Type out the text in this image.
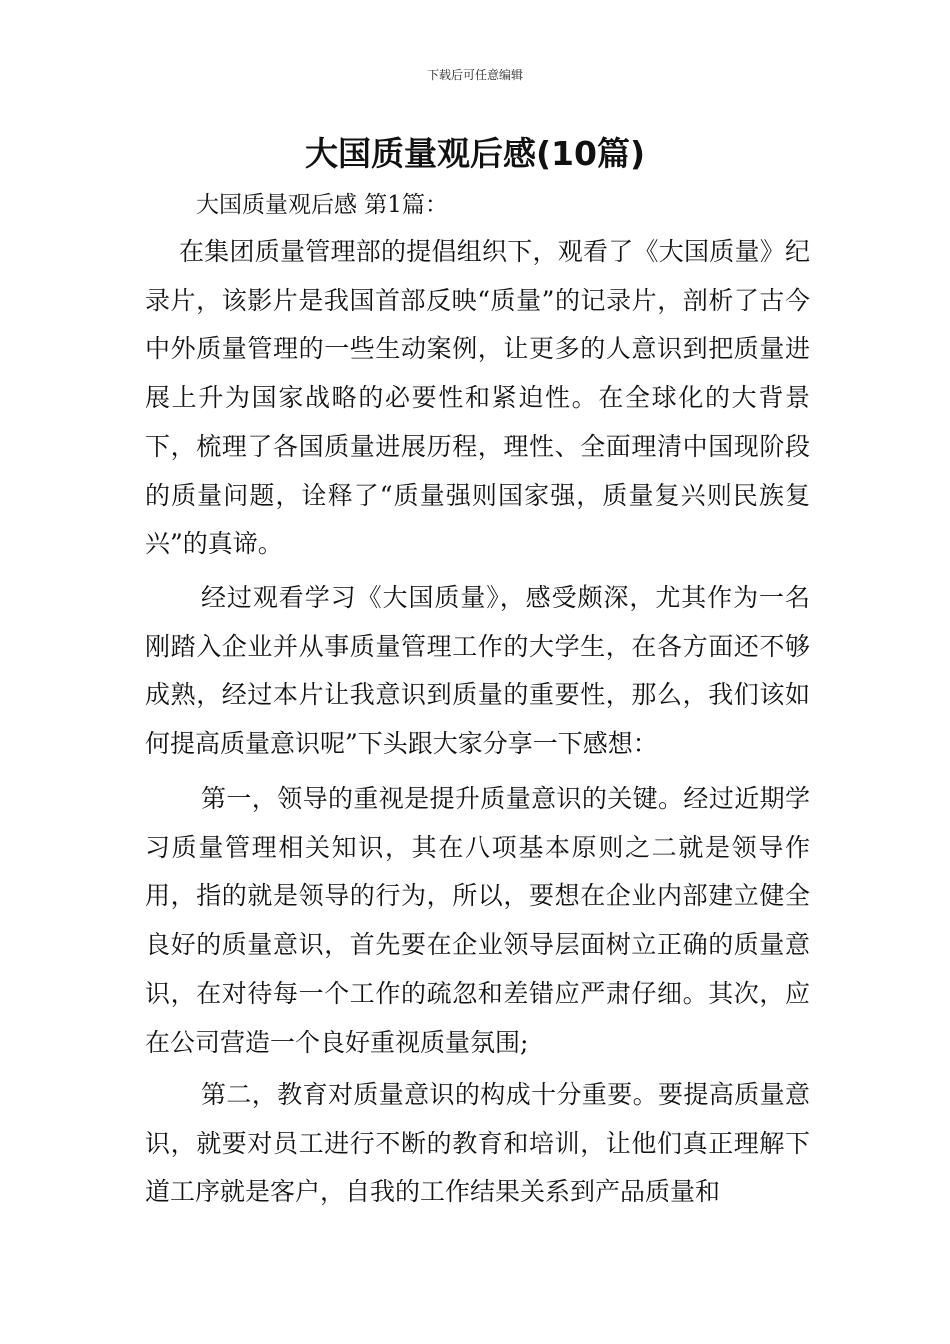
下载后可任意编辑
大国质量观后感(10篇)
大国质量观后感 第1篇：

在集团质量管理部的提倡组织下，观看了《大国质量》纪录片，该影片是我国首部反映“质量”的记录片，剖析了古今中外质量管理的一些生动案例，让更多的人意识到把质量进展上升为国家战略的必要性和紧迫性。在全球化的大背景下，梳理了各国质量进展历程，理性、全面理清中国现阶段的质量问题，诠释了“质量强则国家强，质量复兴则民族复兴”的真谛。

经过观看学习《大国质量》，感受颇深，尤其作为一名刚踏入企业并从事质量管理工作的大学生，在各方面还不够成熟，经过本片让我意识到质量的重要性，那么，我们该如何提高质量意识呢”下头跟大家分享一下感想：

第一，领导的重视是提升质量意识的关键。经过近期学习质量管理相关知识，其在八项基本原则之二就是领导作用，指的就是领导的行为，所以，要想在企业内部建立健全良好的质量意识，首先要在企业领导层面树立正确的质量意识，在对待每一个工作的疏忽和差错应严肃仔细。其次，应在公司营造一个良好重视质量氛围;

第二，教育对质量意识的构成十分重要。要提高质量意识，就要对员工进行不断的教育和培训，让他们真正理解下道工序就是客户，自我的工作结果关系到产品质量和
